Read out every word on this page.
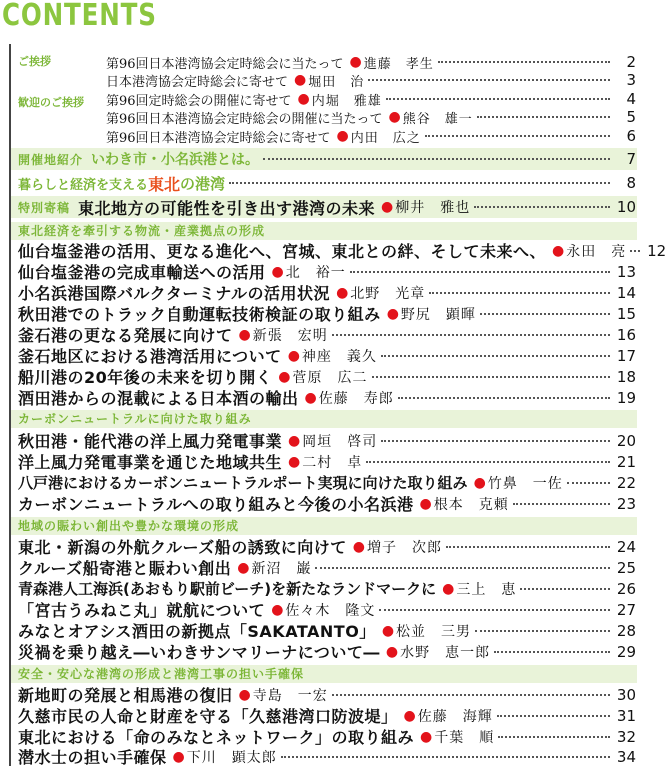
CONTENTS
ご挨拶
歓迎のご挨拶
第96回日本港湾協会定時総会に当たって ● 進藤　孝生	2
日本港湾協会定時総会に寄せて ● 堀田　治	3
第96回定時総会の開催に寄せて ● 内堀　雅雄	4
第96回日本港湾協会定時総会の開催に当たって ● 熊谷　雄一	5
第96回日本港湾協会定時総会に寄せて ● 内田　広之	6
開催地紹介 いわき市・小名浜港とは。	7
暮らしと経済を支える 東北 の港湾	8
特別寄稿 東北地方の可能性を引き出す港湾の未来 ● 柳井　雅也	10
東北経済を牽引する物流・産業拠点の形成
仙台塩釜港の活用、更なる進化へ、宮城、東北との絆、そして未来へ、 ● 永田　亮 12
仙台塩釜港の完成車輸送への活用 ● 北　裕一	13
小名浜港国際バルクターミナルの活用状況 ● 北野　光章	14
秋田港でのトラック自動運転技術検証の取り組み ● 野尻　顕暉	15
釜石港の更なる発展に向けて ● 新張　宏明	16
釜石地区における港湾活用について ● 神座　義久	17
船川港の20年後の未来を切り開く ● 菅原　広二	18
酒田港からの混載による日本酒の輸出 ● 佐藤　寿郎	19
カーボンニュートラルに向けた取り組み
秋田港・能代港の洋上風力発電事業 ● 岡垣　啓司	20
洋上風力発電事業を通じた地域共生 ● 二村　卓	21
八戸港におけるカーボンニュートラルポート実現に向けた取り組み ● 竹鼻　一佐	22
カーボンニュートラルへの取り組みと今後の小名浜港 ● 根本　克頼	23
地域の賑わい創出や豊かな環境の形成
東北・新潟の外航クルーズ船の誘致に向けて ● 増子　次郎	24
クルーズ船寄港と賑わい創出 ● 新沼　巌	25
青森港人工海浜(あおもり駅前ビーチ)を新たなランドマークに ● 三上　恵	26
「宮古うみねこ丸」就航について ● 佐々木　隆文	27
みなとオアシス酒田の新拠点「SAKATANTO」 ● 松並　三男	28
災禍を乗り越え―いわきサンマリーナについて― ● 水野　恵一郎	29
安全・安心な港湾の形成と港湾工事の担い手確保
新地町の発展と相馬港の復旧 ● 寺島　一宏	30
久慈市民の人命と財産を守る「久慈港湾口防波堤」 ● 佐藤　海輝	31
東北における「命のみなとネットワーク」の取り組み ● 千葉　順	32
潜水士の担い手確保 ● 下川　顕太郎	34
